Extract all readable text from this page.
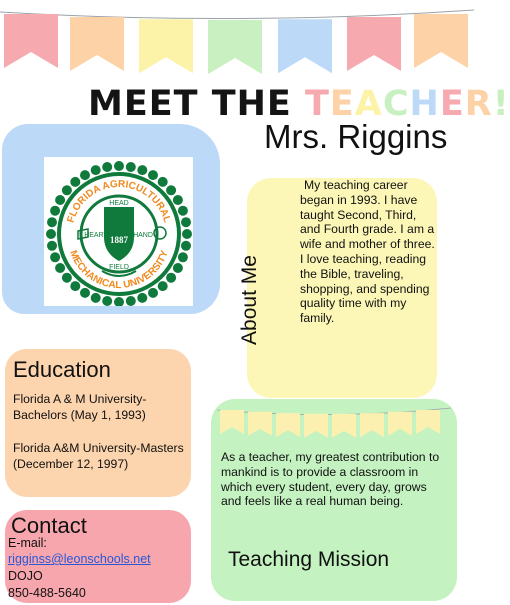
MEET THE TEACHER!
Mrs. Riggins
FLORIDA AGRICULTURAL
MECHANICAL UNIVERSITY
1887
HEAD
HEART	HAND
FIELD	About Me

My teaching career began in 1993. I have taught Second, Third, and Fourth grade. I am a wife and mother of three. I love teaching, reading the Bible, traveling, shopping, and spending quality time with my family.

Education
Florida A & M University-Bachelors (May 1, 1993)
Florida A&M University-Masters (December 12, 1997)	As a teacher, my greatest contribution to mankind is to provide a classroom in which every student, every day, grows and feels like a real human being.

Teaching Mission
Contact
E-mail:
rigginss@leonschools.net
DOJO
850-488-5640
